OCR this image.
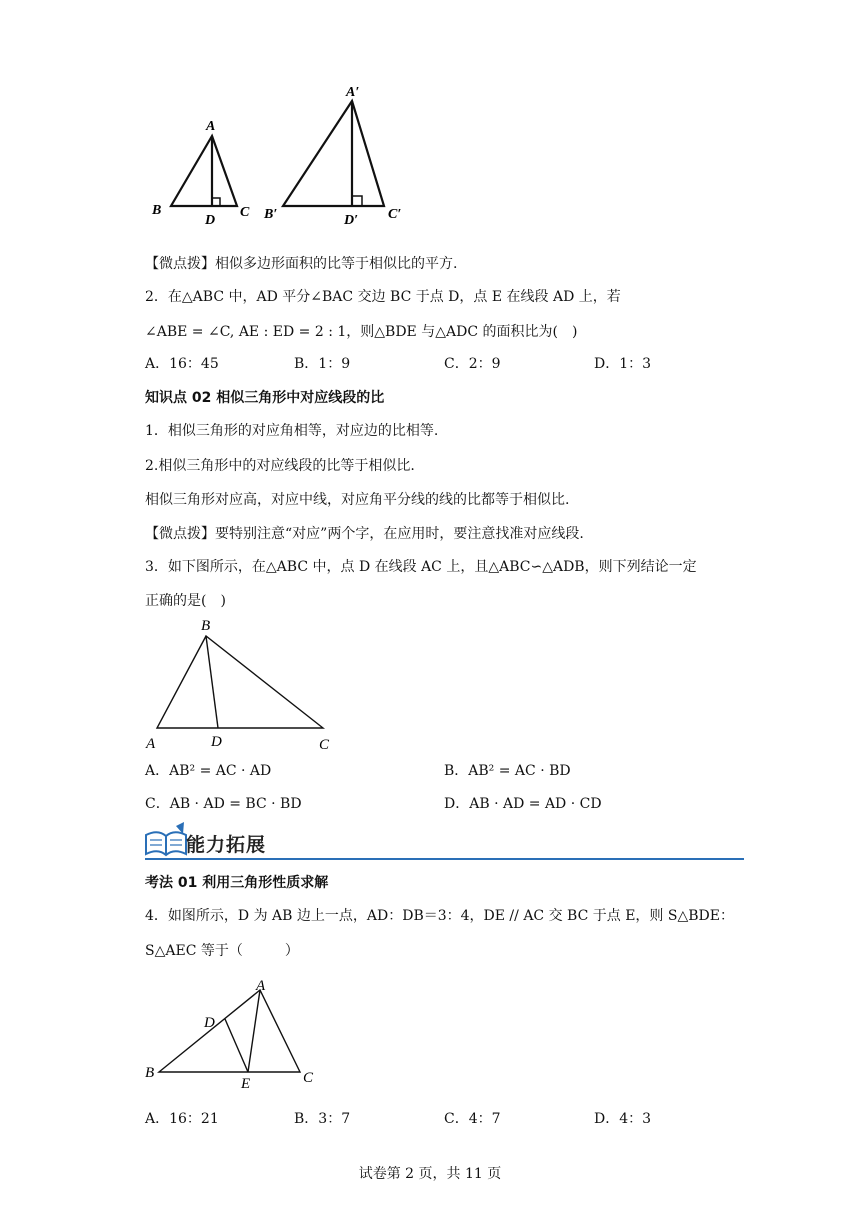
A
B	C
D
A′
B′	C′
D′
【微点拨】相似多边形面积的比等于相似比的平方.
2．在△ABC 中，AD 平分∠BAC 交边 BC 于点 D，点 E 在线段 AD 上，若
∠ABE = ∠C, AE : ED = 2 : 1，则△BDE 与△ADC 的面积比为(　)
A．16：45	B．1：9	C．2：9	D．1：3
知识点 02 相似三角形中对应线段的比
1．相似三角形的对应角相等，对应边的比相等.
2.相似三角形中的对应线段的比等于相似比.
相似三角形对应高，对应中线，对应角平分线的线的比都等于相似比.
【微点拨】要特别注意“对应”两个字，在应用时，要注意找准对应线段.
3．如下图所示，在△ABC 中，点 D 在线段 AC 上，且△ABC∽△ADB，则下列结论一定
正确的是(　)
B
A	D	C
A．AB² = AC · AD	B．AB² = AC · BD
C．AB · AD = BC · BD	D．AB · AD = AD · CD
能力拓展
考法 01 利用三角形性质求解
4．如图所示，D 为 AB 边上一点，AD：DB＝3：4，DE // AC 交 BC 于点 E，则 S△BDE：
S△AEC 等于（　　　）
A
D
B
E	C
A．16：21	B．3：7	C．4：7	D．4：3
试卷第 2 页，共 11 页
